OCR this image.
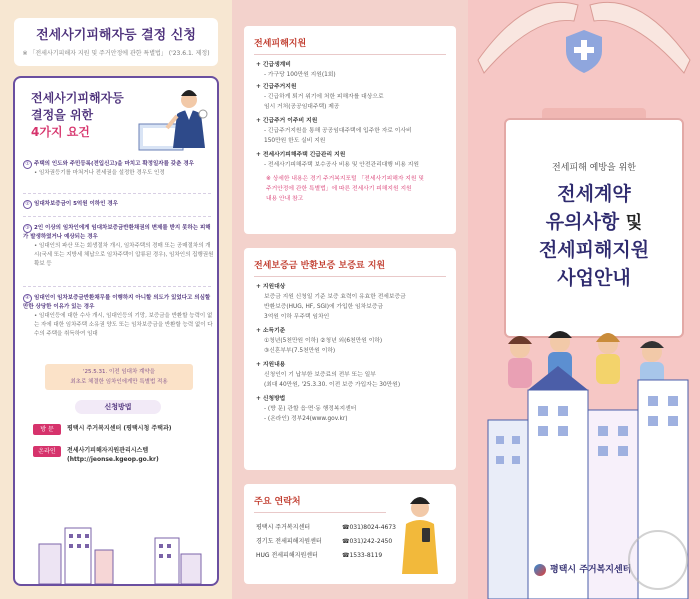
전세사기피해자등 결정 신청
※ 「전세사기피해자 지원 및 주거안정에 관한 특별법」 ('23.6.1. 제정)
전세사기피해자등
결정을 위한
4가지 요건
① 주택의 인도와 주민등록(전입신고)을 마치고 확정일자를 갖춘 경우
• 임차권등기를 마쳐거나 전세권을 설정한 경우도 인정
② 임대차보증금이 5억원 이하인 경우
③ 2인 이상의 임차인에게 임대차보증금반환채권의 변제를 받지 못하는 피해가 발생하였거나 예상되는 경우
• 임대인의 파산 또는 회생절차 개시, 임차주택의 경매 또는 공매절차의 개시(국세 또는 지방세 체납으로 임차주택이 압류된 경우), 임차인의 집행권원 확보 등
④ 임대인이 임차보증금반환채무를 이행하지 아니할 의도가 있었다고 의심할만한 상당한 이유가 있는 경우
• 임대인등에 대한 수사 개시, 임대인등의 기망, 보증금을 반환할 능력이 없는 자에 대한 임차주택 소유권 양도 또는 임차보증금을 반환할 능력 없이 다수의 주택을 취득하여 임대
'25.5.31. 이전 임대차 계약을
최초로 체결한 임차인에게만 특별법 적용
신청방법
방 문 평택시 주거복지센터 (평택시청 주택과)
온라인 전세사기피해자지원관리시스템 (http://jeonse.kgeop.go.kr)
전세피해지원
+ 긴급생계비
- 가구당 100만원 지원(1회)
+ 긴급주거지원
- 긴급하게 퇴거 위기에 처한 피해자를 대상으로
임시 거처(공공임대주택) 제공
+ 긴급주거 이주비 지원
- 긴급주거지원을 통해 공공임대주택에 입주한 자로 이사비
150만원 한도 실비 지원
+ 전세사기피해주택 긴급관리 지원
- 전세사기피해주택 보수공사 비용 및 안전관리대행 비용 지원
※ 상세한 내용은 경기 주거복지포털 「전세사기피해자 지원 및
주거안정에 관한 특별법」에 따른 전세사기 피해지원 지원
내용 안내 참고
전세보증금 반환보증 보증료 지원
+ 지원대상
보증금 지원 신청일 기준 보증 효력이 유효한 전세보증금
반환보증(HUG, HF, SGI)에 가입한 임차보증금
3억원 이하 무주택 임차인
+ 소득기준
①청년(5천만원 이하) ②청년 외(6천만원 이하)
③신혼부부(7.5천만원 이하)
+ 지원내용
신청인이 기 납부한 보증료의 전부 또는 일부
(최대 40만원, '25.3.30. 이전 보증 가입자는 30만원)
+ 신청방법
- (방 문) 관할 읍·면·동 행정복지센터
- (온라인) 정부24(www.gov.kr)
주요 연락처
평택시 주거복지센터	☎031)8024-4673
경기도 전세피해지원센터	☎031)242-2450
HUG 전세피해지원센터	☎1533-8119
전세피해 예방을 위한
전세계약
유의사항 및
전세피해지원
사업안내
평택시 주거복지센터
